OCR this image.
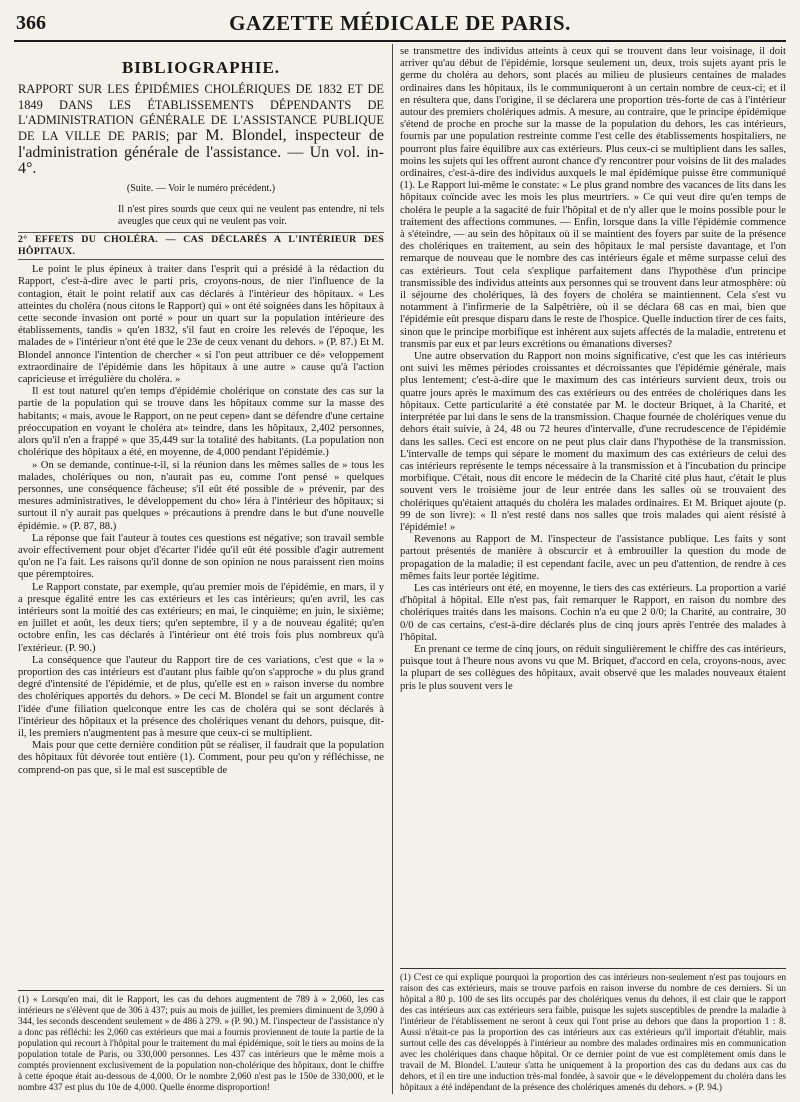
366	GAZETTE MÉDICALE DE PARIS.
BIBLIOGRAPHIE.
RAPPORT SUR LES ÉPIDÉMIES CHOLÉRIQUES DE 1832 ET DE 1849 DANS LES ÉTABLISSEMENTS DÉPENDANTS DE L'ADMINISTRATION GÉNÉRALE DE L'ASSISTANCE PUBLIQUE DE LA VILLE DE PARIS; par M. Blondel, inspecteur de l'administration générale de l'assistance. — Un vol. in-4°.
(Suite. — Voir le numéro précédent.)
Il n'est pires sourds que ceux qui ne veulent pas entendre, ni tels aveugles que ceux qui ne veulent pas voir.
2° EFFETS DU CHOLÉRA. — CAS DÉCLARÉS A L'INTÉRIEUR DES HÔPITAUX.

Le point le plus épineux à traiter dans l'esprit qui a présidé à la rédaction du Rapport, c'est-à-dire avec le parti pris, croyons-nous, de nier l'influence de la contagion, était le point relatif aux cas déclarés à l'intérieur des hôpitaux. « Les atteintes du choléra (nous citons le Rapport) qui » ont été soignées dans les hôpitaux à cette seconde invasion ont porté » pour un quart sur la population intérieure des établissements, tandis » qu'en 1832, s'il faut en croire les relevés de l'époque, les malades de » l'intérieur n'ont été que le 23e de ceux venant du dehors. » (P. 87.) Et M. Blondel annonce l'intention de chercher « si l'on peut attribuer ce dé» veloppement extraordinaire de l'épidémie dans les hôpitaux à une autre » cause qu'à l'action capricieuse et irrégulière du choléra. »

Il est tout naturel qu'en temps d'épidémie cholérique on constate des cas sur la partie de la population qui se trouve dans les hôpitaux comme sur la masse des habitants; « mais, avoue le Rapport, on ne peut cepen» dant se défendre d'une certaine préoccupation en voyant le choléra at» teindre, dans les hôpitaux, 2,402 personnes, alors qu'il n'en a frappé » que 35,449 sur la totalité des habitants. (La population non cholérique des hôpitaux a été, en moyenne, de 4,000 pendant l'épidémie.)

» On se demande, continue-t-il, si la réunion dans les mêmes salles de » tous les malades, cholériques ou non, n'aurait pas eu, comme l'ont pensé » quelques personnes, une conséquence fâcheuse; s'il eût été possible de » prévenir, par des mesures administratives, le développement du cho» léra à l'intérieur des hôpitaux; si surtout il n'y aurait pas quelques » précautions à prendre dans le but d'une nouvelle épidémie. » (P. 87, 88.)

La réponse que fait l'auteur à toutes ces questions est négative; son travail semble avoir effectivement pour objet d'écarter l'idée qu'il eût été possible d'agir autrement qu'on ne l'a fait. Les raisons qu'il donne de son opinion ne nous paraissent rien moins que péremptoires.

Le Rapport constate, par exemple, qu'au premier mois de l'épidémie, en mars, il y a presque égalité entre les cas extérieurs et les cas intérieurs; qu'en avril, les cas intérieurs sont la moitié des cas extérieurs; en mai, le cinquième; en juin, le sixième; en juillet et août, les deux tiers; qu'en septembre, il y a de nouveau égalité; qu'en octobre enfin, les cas déclarés à l'intérieur ont été trois fois plus nombreux qu'à l'extérieur. (P. 90.)

La conséquence que l'auteur du Rapport tire de ces variations, c'est que « la » proportion des cas intérieurs est d'autant plus faible qu'on s'approche » du plus grand degré d'intensité de l'épidémie, et de plus, qu'elle est en » raison inverse du nombre des cholériques apportés du dehors. » De ceci M. Blondel se fait un argument contre l'idée d'une filiation quelconque entre les cas de choléra qui se sont déclarés à l'intérieur des hôpitaux et la présence des cholériques venant du dehors, puisque, dit-il, les premiers n'augmentent pas à mesure que ceux-ci se multiplient.

Mais pour que cette dernière condition pût se réaliser, il faudrait que la population des hôpitaux fût dévorée tout entière (1). Comment, pour peu qu'on y réfléchisse, ne comprend-on pas que, si le mal est susceptible de

(1) « Lorsqu'en mai, dit le Rapport, les cas du dehors augmentent de 789 à » 2,060, les cas intérieurs ne s'élèvent que de 306 à 437; puis au mois de juillet, les premiers diminuent de 3,090 à 344, les seconds descendent seulement » de 486 à 279. » (P. 90.) M. l'inspecteur de l'assistance n'y a donc pas réfléchi: les 2,060 cas extérieurs que mai a fournis proviennent de toute la partie de la population qui recourt à l'hôpital pour le traitement du mal épidémique, soit le tiers au moins de la population totale de Paris, ou 330,000 personnes. Les 437 cas intérieurs que le même mois a comptés proviennent exclusivement de la population non-cholérique des hôpitaux, dont le chiffre à cette époque était au-dessous de 4,000. Or le nombre 2,060 n'est pas le 150e de 330,000, et le nombre 437 est plus du 10e de 4,000. Quelle énorme disproportion!

se transmettre des individus atteints à ceux qui se trouvent dans leur voisinage, il doit arriver qu'au début de l'épidémie, lorsque seulement un, deux, trois sujets ayant pris le germe du choléra au dehors, sont placés au milieu de plusieurs centaines de malades ordinaires dans les hôpitaux, ils le communiqueront à un certain nombre de ceux-ci; et il en résultera que, dans l'origine, il se déclarera une proportion très-forte de cas à l'intérieur autour des premiers cholériques admis. A mesure, au contraire, que le principe épidémique s'étend de proche en proche sur la masse de la population du dehors, les cas intérieurs, fournis par une population restreinte comme l'est celle des établissements hospitaliers, ne pourront plus faire équilibre aux cas extérieurs. Plus ceux-ci se multiplient dans les salles, moins les sujets qui les offrent auront chance d'y rencontrer pour voisins de lit des malades ordinaires, c'est-à-dire des individus auxquels le mal épidémique puisse être communiqué (1). Le Rapport lui-même le constate: « Le plus grand nombre des vacances de lits dans les hôpitaux coïncide avec les mois les plus meurtriers. » Ce qui veut dire qu'en temps de choléra le peuple a la sagacité de fuir l'hôpital et de n'y aller que le moins possible pour le traitement des affections communes. — Enfin, lorsque dans la ville l'épidémie commence à s'éteindre, — au sein des hôpitaux où il se maintient des foyers par suite de la présence des cholériques en traitement, au sein des hôpitaux le mal persiste davantage, et l'on remarque de nouveau que le nombre des cas intérieurs égale et même surpasse celui des cas extérieurs. Tout cela s'explique parfaitement dans l'hypothèse d'un principe transmissible des individus atteints aux personnes qui se trouvent dans leur atmosphère: où il séjourne des cholériques, là des foyers de choléra se maintiennent. Cela s'est vu notamment à l'infirmerie de la Salpêtrière, où il se déclara 68 cas en mai, bien que l'épidémie eût presque disparu dans le reste de l'hospice. Quelle induction tirer de ces faits, sinon que le principe morbifique est inhérent aux sujets affectés de la maladie, entretenu et transmis par eux et par leurs excrétions ou émanations diverses?

Une autre observation du Rapport non moins significative, c'est que les cas intérieurs ont suivi les mêmes périodes croissantes et décroissantes que l'épidémie générale, mais plus lentement; c'est-à-dire que le maximum des cas intérieurs survient deux, trois ou quatre jours après le maximum des cas extérieurs ou des entrées de cholériques dans les hôpitaux. Cette particularité a été constatée par M. le docteur Briquet, à la Charité, et interprétée par lui dans le sens de la transmission. Chaque fournée de cholériques venue du dehors était suivie, à 24, 48 ou 72 heures d'intervalle, d'une recrudescence de l'épidémie dans les salles. Ceci est encore on ne peut plus clair dans l'hypothèse de la transmission. L'intervalle de temps qui sépare le moment du maximum des cas extérieurs de celui des cas intérieurs représente le temps nécessaire à la transmission et à l'incubation du principe morbifique. C'était, nous dit encore le médecin de la Charité cité plus haut, c'était le plus souvent vers le troisième jour de leur entrée dans les salles où se trouvaient des cholériques qu'étaient attaqués du choléra les malades ordinaires. Et M. Briquet ajoute (p. 99 de son livre): « Il n'est resté dans nos salles que trois malades qui aient résisté à l'épidémie! »

Revenons au Rapport de M. l'inspecteur de l'assistance publique. Les faits y sont partout présentés de manière à obscurcir et à embrouiller la question du mode de propagation de la maladie; il est cependant facile, avec un peu d'attention, de rendre à ces mêmes faits leur portée légitime.

Les cas intérieurs ont été, en moyenne, le tiers des cas extérieurs. La proportion a varié d'hôpital à hôpital. Elle n'est pas, fait remarquer le Rapport, en raison du nombre des cholériques traités dans les maisons. Cochin n'a eu que 2 0/0; la Charité, au contraire, 30 0/0 de cas certains, c'est-à-dire déclarés plus de cinq jours après l'entrée des malades à l'hôpital.

En prenant ce terme de cinq jours, on réduit singulièrement le chiffre des cas intérieurs, puisque tout à l'heure nous avons vu que M. Briquet, d'accord en cela, croyons-nous, avec la plupart de ses collègues des hôpitaux, avait observé que les malades nouveaux étaient pris le plus souvent vers le

(1) C'est ce qui explique pourquoi la proportion des cas intérieurs non-seulement n'est pas toujours en raison des cas extérieurs, mais se trouve parfois en raison inverse du nombre de ces derniers. Si un hôpital a 80 p. 100 de ses lits occupés par des cholériques venus du dehors, il est clair que le rapport des cas intérieurs aux cas extérieurs sera faible, puisque les sujets susceptibles de prendre la maladie à l'intérieur de l'établissement ne seront à ceux qui l'ont prise au dehors que dans la proportion 1 : 8. Aussi n'était-ce pas la proportion des cas intérieurs aux cas extérieurs qu'il importait d'établir, mais surtout celle des cas développés à l'intérieur au nombre des malades ordinaires mis en communication avec les cholériques dans chaque hôpital. Or ce dernier point de vue est complètement omis dans le travail de M. Blondel. L'auteur s'atta he uniquement à la proportion des cas du dedans aux cas du dehors, et il en tire une induction très-mal fondée, à savoir que « le développement du choléra dans les hôpitaux a été indépendant de la présence des cholériques amenés du dehors. » (P. 94.)
